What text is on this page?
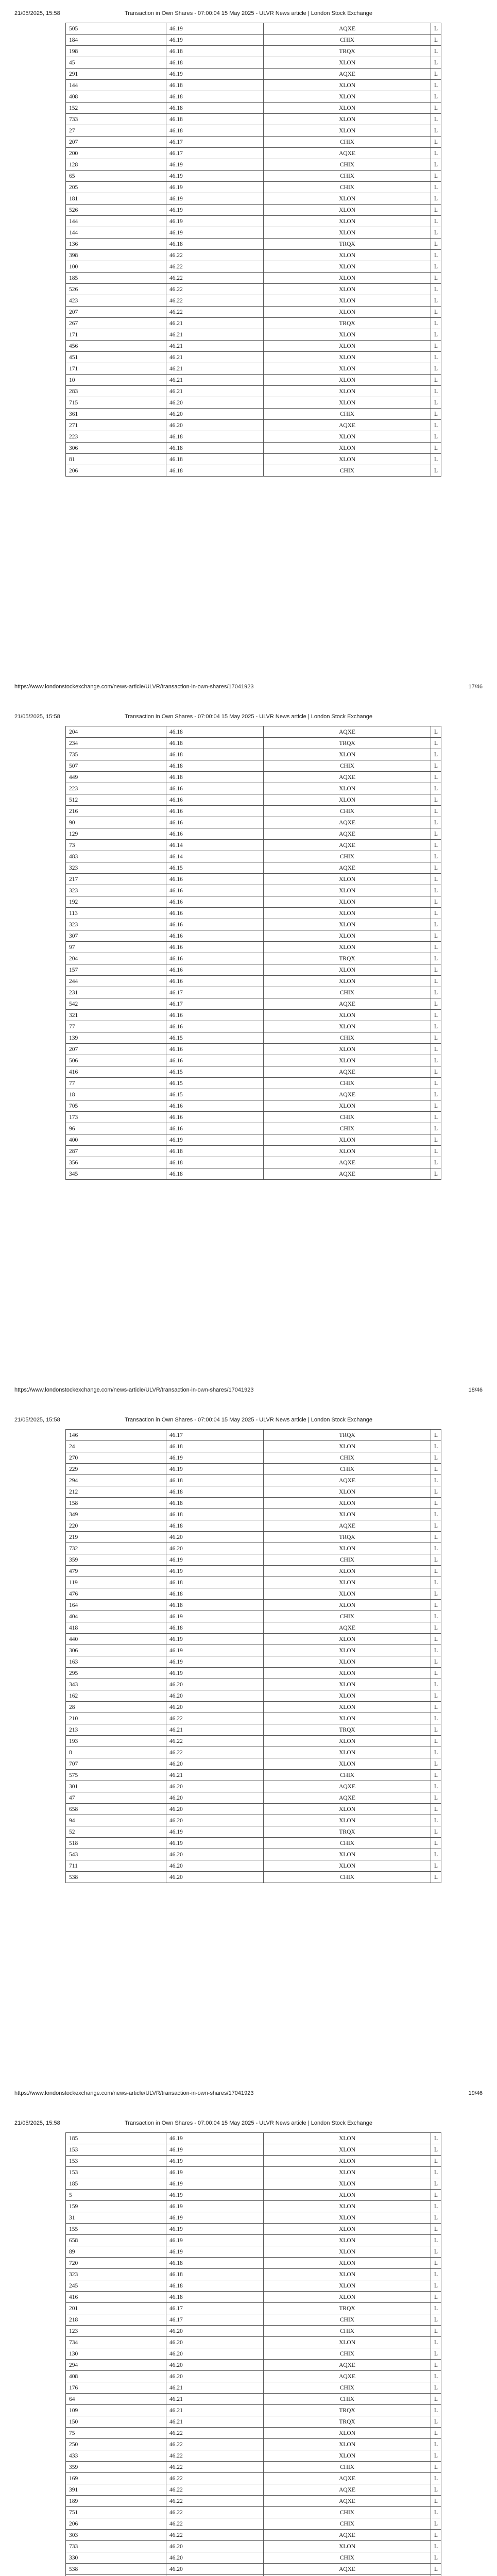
21/05/2025, 15:58	Transaction in Own Shares - 07:00:04 15 May 2025 - ULVR News article | London Stock Exchange
505	46.19	AQXE	L
184	46.19	CHIX	L
198	46.18	TRQX	L
45	46.18	XLON	L
291	46.19	AQXE	L
144	46.18	XLON	L
408	46.18	XLON	L
152	46.18	XLON	L
733	46.18	XLON	L
27	46.18	XLON	L
207	46.17	CHIX	L
200	46.17	AQXE	L
128	46.19	CHIX	L
65	46.19	CHIX	L
205	46.19	CHIX	L
181	46.19	XLON	L
526	46.19	XLON	L
144	46.19	XLON	L
144	46.19	XLON	L
136	46.18	TRQX	L
398	46.22	XLON	L
100	46.22	XLON	L
185	46.22	XLON	L
526	46.22	XLON	L
423	46.22	XLON	L
207	46.22	XLON	L
267	46.21	TRQX	L
171	46.21	XLON	L
456	46.21	XLON	L
451	46.21	XLON	L
171	46.21	XLON	L
10	46.21	XLON	L
283	46.21	XLON	L
715	46.20	XLON	L
361	46.20	CHIX	L
271	46.20	AQXE	L
223	46.18	XLON	L
306	46.18	XLON	L
81	46.18	XLON	L
206	46.18	CHIX	L
https://www.londonstockexchange.com/news-article/ULVR/transaction-in-own-shares/17041923	17/46
21/05/2025, 15:58	Transaction in Own Shares - 07:00:04 15 May 2025 - ULVR News article | London Stock Exchange
204	46.18	AQXE	L
234	46.18	TRQX	L
735	46.18	XLON	L
507	46.18	CHIX	L
449	46.18	AQXE	L
223	46.16	XLON	L
512	46.16	XLON	L
216	46.16	CHIX	L
90	46.16	AQXE	L
129	46.16	AQXE	L
73	46.14	AQXE	L
483	46.14	CHIX	L
323	46.15	AQXE	L
217	46.16	XLON	L
323	46.16	XLON	L
192	46.16	XLON	L
113	46.16	XLON	L
323	46.16	XLON	L
307	46.16	XLON	L
97	46.16	XLON	L
204	46.16	TRQX	L
157	46.16	XLON	L
244	46.16	XLON	L
231	46.17	CHIX	L
542	46.17	AQXE	L
321	46.16	XLON	L
77	46.16	XLON	L
139	46.15	CHIX	L
207	46.16	XLON	L
506	46.16	XLON	L
416	46.15	AQXE	L
77	46.15	CHIX	L
18	46.15	AQXE	L
705	46.16	XLON	L
173	46.16	CHIX	L
96	46.16	CHIX	L
400	46.19	XLON	L
287	46.18	XLON	L
356	46.18	AQXE	L
345	46.18	AQXE	L
https://www.londonstockexchange.com/news-article/ULVR/transaction-in-own-shares/17041923	18/46
21/05/2025, 15:58	Transaction in Own Shares - 07:00:04 15 May 2025 - ULVR News article | London Stock Exchange
146	46.17	TRQX	L
24	46.18	XLON	L
270	46.19	CHIX	L
229	46.19	CHIX	L
294	46.18	AQXE	L
212	46.18	XLON	L
158	46.18	XLON	L
349	46.18	XLON	L
220	46.18	AQXE	L
219	46.20	TRQX	L
732	46.20	XLON	L
359	46.19	CHIX	L
479	46.19	XLON	L
119	46.18	XLON	L
476	46.18	XLON	L
164	46.18	XLON	L
404	46.19	CHIX	L
418	46.18	AQXE	L
440	46.19	XLON	L
306	46.19	XLON	L
163	46.19	XLON	L
295	46.19	XLON	L
343	46.20	XLON	L
162	46.20	XLON	L
28	46.20	XLON	L
210	46.22	XLON	L
213	46.21	TRQX	L
193	46.22	XLON	L
8	46.22	XLON	L
707	46.20	XLON	L
575	46.21	CHIX	L
301	46.20	AQXE	L
47	46.20	AQXE	L
658	46.20	XLON	L
94	46.20	XLON	L
52	46.19	TRQX	L
518	46.19	CHIX	L
543	46.20	XLON	L
711	46.20	XLON	L
538	46.20	CHIX	L
https://www.londonstockexchange.com/news-article/ULVR/transaction-in-own-shares/17041923	19/46
21/05/2025, 15:58	Transaction in Own Shares - 07:00:04 15 May 2025 - ULVR News article | London Stock Exchange
185	46.19	XLON	L
153	46.19	XLON	L
153	46.19	XLON	L
153	46.19	XLON	L
185	46.19	XLON	L
5	46.19	XLON	L
159	46.19	XLON	L
31	46.19	XLON	L
155	46.19	XLON	L
658	46.19	XLON	L
89	46.19	XLON	L
720	46.18	XLON	L
323	46.18	XLON	L
245	46.18	XLON	L
416	46.18	XLON	L
201	46.17	TRQX	L
218	46.17	CHIX	L
123	46.20	CHIX	L
734	46.20	XLON	L
130	46.20	CHIX	L
294	46.20	AQXE	L
408	46.20	AQXE	L
176	46.21	CHIX	L
64	46.21	CHIX	L
109	46.21	TRQX	L
150	46.21	TRQX	L
75	46.22	XLON	L
250	46.22	XLON	L
433	46.22	XLON	L
359	46.22	CHIX	L
169	46.22	AQXE	L
391	46.22	AQXE	L
189	46.22	AQXE	L
751	46.22	CHIX	L
206	46.22	CHIX	L
303	46.22	AQXE	L
733	46.20	XLON	L
330	46.20	CHIX	L
538	46.20	AQXE	L
